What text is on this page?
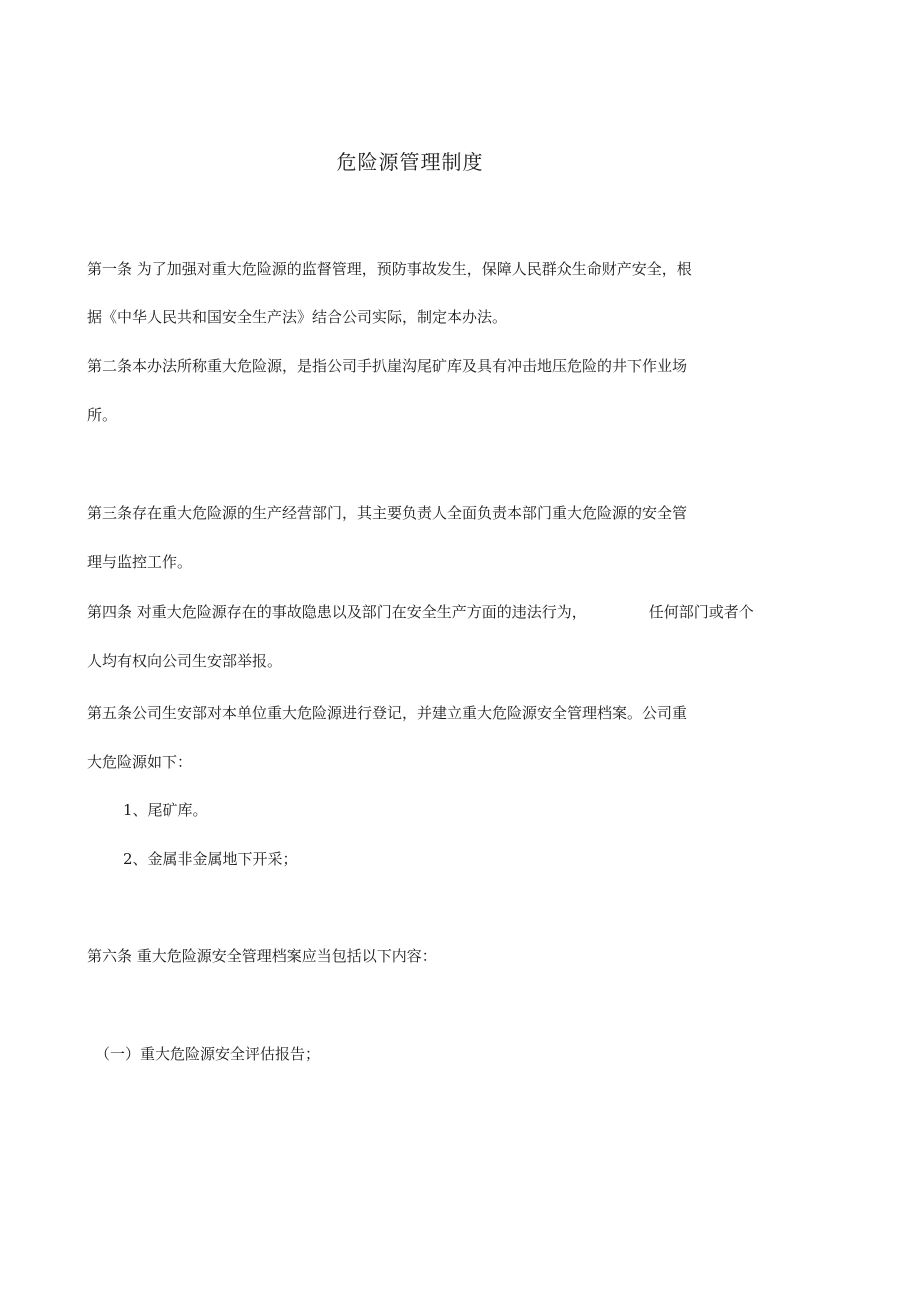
危险源管理制度
第一条 为了加强对重大危险源的监督管理，预防事故发生，保障人民群众生命财产安全，根
据《中华人民共和国安全生产法》结合公司实际，制定本办法。
第二条本办法所称重大危险源，是指公司手扒崖沟尾矿库及具有冲击地压危险的井下作业场
所。
第三条存在重大危险源的生产经营部门，其主要负责人全面负责本部门重大危险源的安全管
理与监控工作。
第四条 对重大危险源存在的事故隐患以及部门在安全生产方面的违法行为，	任何部门或者个
人均有权向公司生安部举报。
第五条公司生安部对本单位重大危险源进行登记，并建立重大危险源安全管理档案。公司重
大危险源如下：
1、尾矿库。
2、金属非金属地下开采；
第六条 重大危险源安全管理档案应当包括以下内容：
（一）重大危险源安全评估报告；
